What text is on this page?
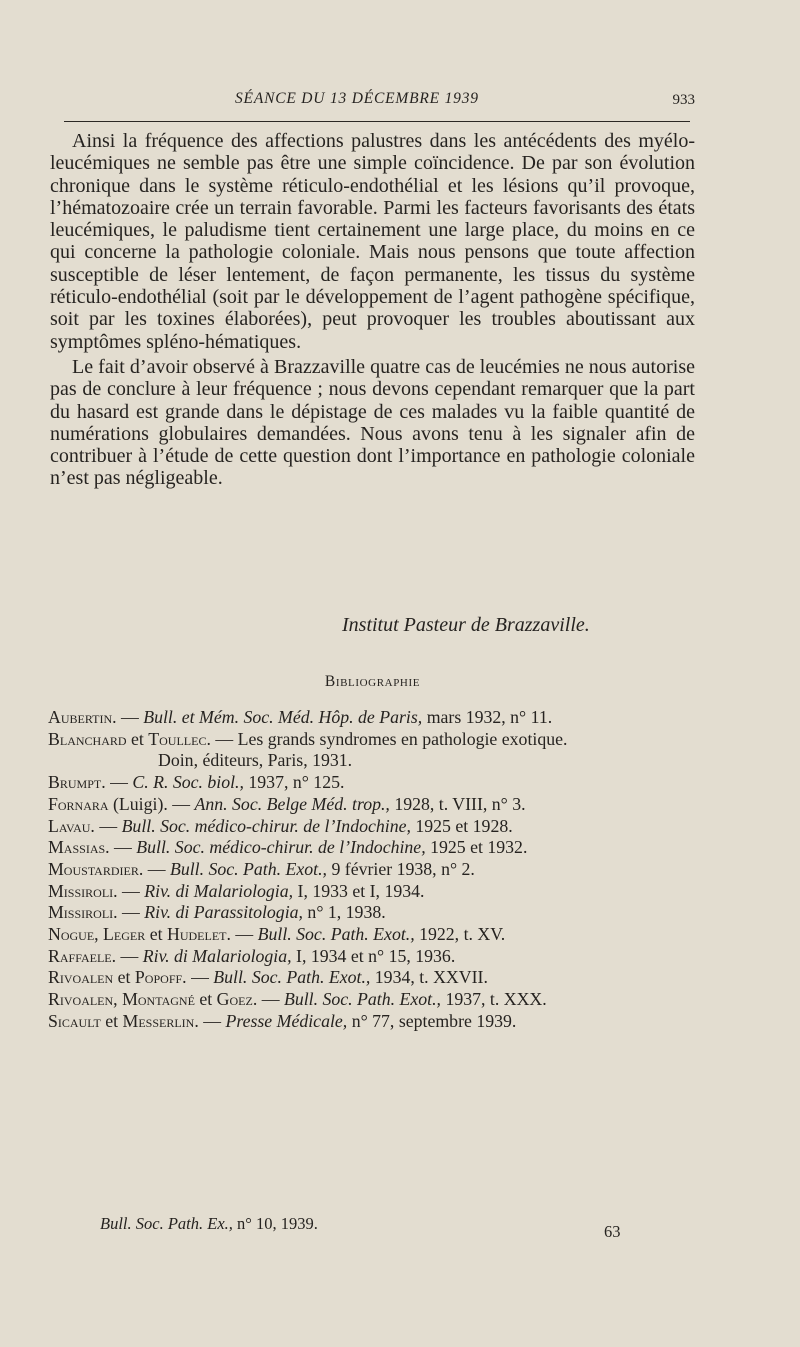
SÉANCE DU 13 DÉCEMBRE 1939	933

Ainsi la fréquence des affections palustres dans les antécédents des myélo-leucémiques ne semble pas être une simple coïncidence. De par son évolution chronique dans le système réticulo-endothélial et les lésions qu’il provoque, l’hématozoaire crée un terrain favorable. Parmi les facteurs favorisants des états leucémiques, le paludisme tient certainement une large place, du moins en ce qui concerne la pathologie coloniale. Mais nous pensons que toute affection susceptible de léser lentement, de façon permanente, les tissus du système réticulo-endothélial (soit par le développement de l’agent pathogène spécifique, soit par les toxines élaborées), peut provoquer les troubles aboutissant aux symptômes spléno-hématiques.

Le fait d’avoir observé à Brazzaville quatre cas de leucémies ne nous autorise pas de conclure à leur fréquence ; nous devons cependant remarquer que la part du hasard est grande dans le dépistage de ces malades vu la faible quantité de numérations globulaires demandées. Nous avons tenu à les signaler afin de contribuer à l’étude de cette question dont l’importance en pathologie coloniale n’est pas négligeable.

Institut Pasteur de Brazzaville.
Bibliographie
Aubertin. — Bull. et Mém. Soc. Méd. Hôp. de Paris, mars 1932, n° 11.
Blanchard et Toullec. — Les grands syndromes en pathologie exotique.
Doin, éditeurs, Paris, 1931.
Brumpt. — C. R. Soc. biol., 1937, n° 125.
Fornara (Luigi). — Ann. Soc. Belge Méd. trop., 1928, t. VIII, n° 3.
Lavau. — Bull. Soc. médico-chirur. de l’Indochine, 1925 et 1928.
Massias. — Bull. Soc. médico-chirur. de l’Indochine, 1925 et 1932.
Moustardier. — Bull. Soc. Path. Exot., 9 février 1938, n° 2.
Missiroli. — Riv. di Malariologia, I, 1933 et I, 1934.
Missiroli. — Riv. di Parassitologia, n° 1, 1938.
Nogue, Leger et Hudelet. — Bull. Soc. Path. Exot., 1922, t. XV.
Raffaele. — Riv. di Malariologia, I, 1934 et n° 15, 1936.
Rivoalen et Popoff. — Bull. Soc. Path. Exot., 1934, t. XXVII.
Rivoalen, Montagné et Goez. — Bull. Soc. Path. Exot., 1937, t. XXX.
Sicault et Messerlin. — Presse Médicale, n° 77, septembre 1939.
Bull. Soc. Path. Ex., n° 10, 1939.	63
